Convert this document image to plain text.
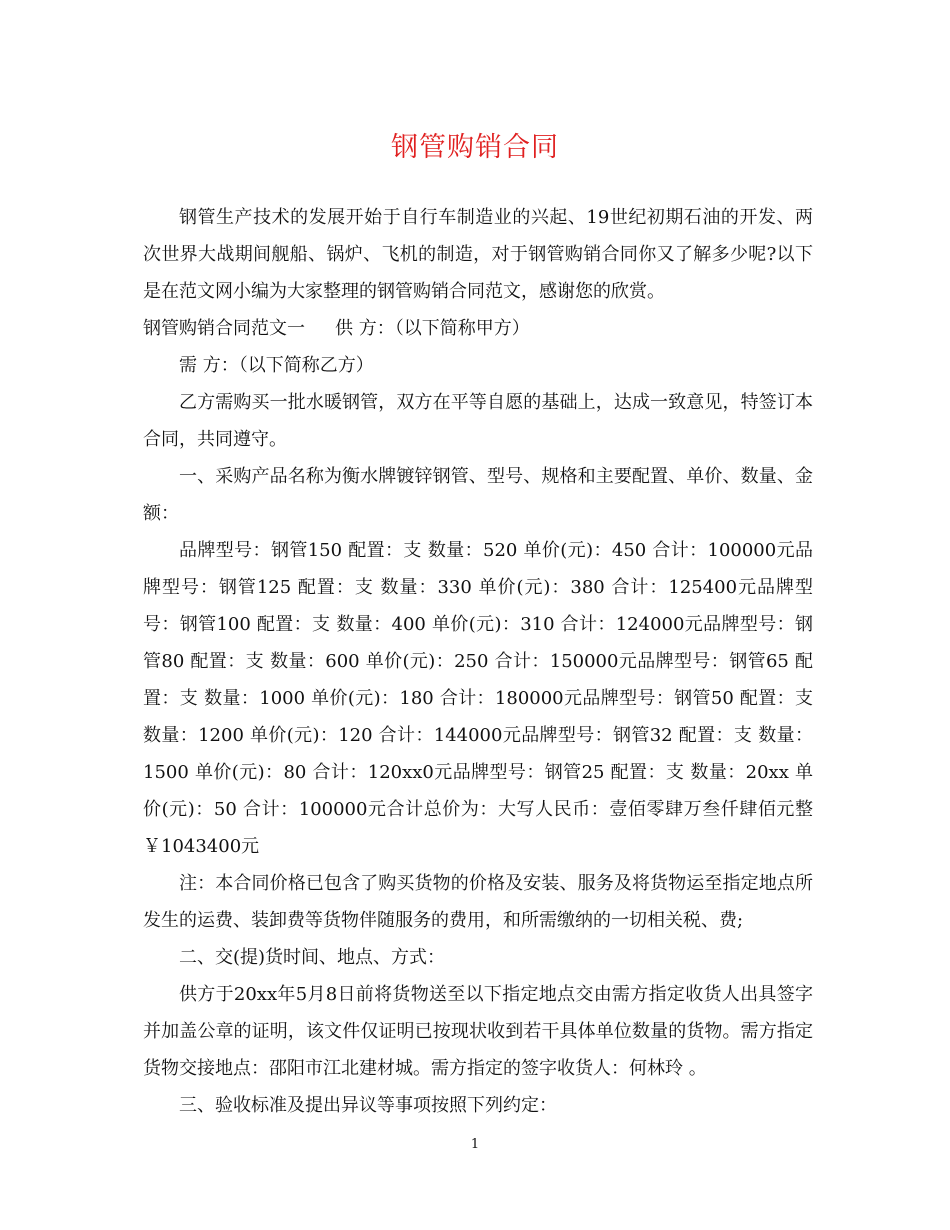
钢管购销合同

钢管生产技术的发展开始于自行车制造业的兴起、19世纪初期石油的开发、两次世界大战期间舰船、锅炉、飞机的制造，对于钢管购销合同你又了解多少呢?以下是在范文网小编为大家整理的钢管购销合同范文，感谢您的欣赏。

钢管购销合同范文一 供 方：（以下简称甲方）

需 方：（以下简称乙方）

乙方需购买一批水暖钢管，双方在平等自愿的基础上，达成一致意见，特签订本合同，共同遵守。

一、采购产品名称为衡水牌镀锌钢管、型号、规格和主要配置、单价、数量、金额：

品牌型号：钢管150 配置：支 数量：520 单价(元)：450 合计：100000元品牌型号：钢管125 配置：支 数量：330 单价(元)：380 合计：125400元品牌型号：钢管100 配置：支 数量：400 单价(元)：310 合计：124000元品牌型号：钢管80 配置：支 数量：600 单价(元)：250 合计：150000元品牌型号：钢管65 配置：支 数量：1000 单价(元)：180 合计：180000元品牌型号：钢管50 配置：支 数量：1200 单价(元)：120 合计：144000元品牌型号：钢管32 配置：支 数量：1500 单价(元)：80 合计：120xx0元品牌型号：钢管25 配置：支 数量：20xx 单价(元)：50 合计：100000元合计总价为：大写人民币：壹佰零肆万叁仟肆佰元整 ￥1043400元

注：本合同价格已包含了购买货物的价格及安装、服务及将货物运至指定地点所发生的运费、装卸费等货物伴随服务的费用，和所需缴纳的一切相关税、费;

二、交(提)货时间、地点、方式：

供方于20xx年5月8日前将货物送至以下指定地点交由需方指定收货人出具签字并加盖公章的证明，该文件仅证明已按现状收到若干具体单位数量的货物。需方指定货物交接地点：邵阳市江北建材城。需方指定的签字收货人：何林玲 。

三、验收标准及提出异议等事项按照下列约定：

1
